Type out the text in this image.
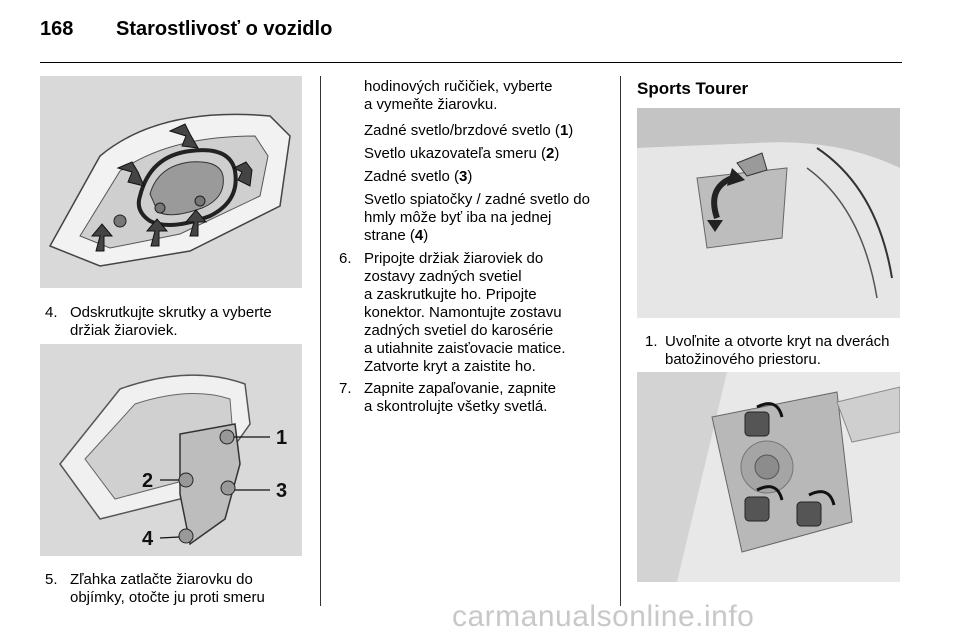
168 Starostlivosť o vozidlo
4. Odskrutkujte skrutky a vyberte
držiak žiaroviek.
1
2	3
4
5. Zľahka zatlačte žiarovku do
objímky, otočte ju proti smeru
hodinových ručičiek, vyberte
a vymeňte žiarovku.
Zadné svetlo/brzdové svetlo (1)
Svetlo ukazovateľa smeru (2)
Zadné svetlo (3)
Svetlo spiatočky / zadné svetlo do
hmly môže byť iba na jednej
strane (4)
6. Pripojte držiak žiaroviek do
zostavy zadných svetiel
a zaskrutkujte ho. Pripojte
konektor. Namontujte zostavu
zadných svetiel do karosérie
a utiahnite zaisťovacie matice.
Zatvorte kryt a zaistite ho.
7. Zapnite zapaľovanie, zapnite
a skontrolujte všetky svetlá.
Sports Tourer
1. Uvoľnite a otvorte kryt na dverách
batožinového priestoru.
carmanualsonline.info
